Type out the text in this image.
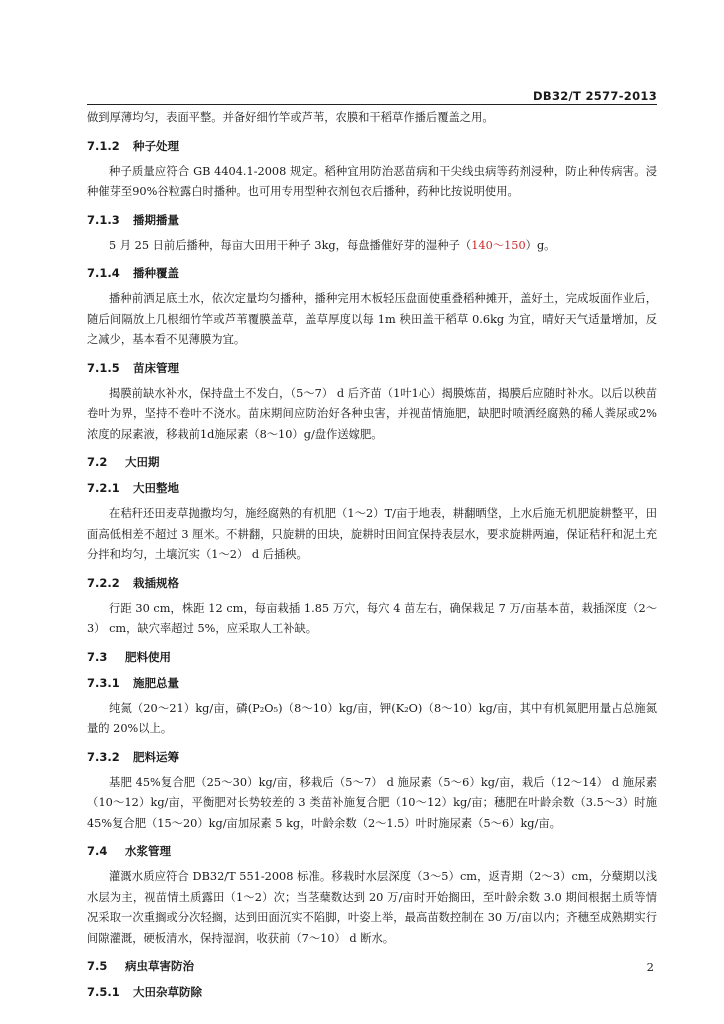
DB32/T 2577-2013

做到厚薄均匀，表面平整。并备好细竹竿或芦苇，农膜和干稻草作播后覆盖之用。

7.1.2 种子处理

种子质量应符合 GB 4404.1-2008 规定。稻种宜用防治恶苗病和干尖线虫病等药剂浸种，防止种传病害。浸种催芽至90%谷粒露白时播种。也可用专用型种衣剂包衣后播种，药种比按说明使用。

7.1.3 播期播量

5 月 25 日前后播种，每亩大田用干种子 3kg，每盘播催好芽的湿种子（140～150）g。

7.1.4 播种覆盖

播种前洒足底土水，依次定量均匀播种，播种完用木板轻压盘面使重叠稻种摊开，盖好土，完成坂面作业后，随后间隔放上几根细竹竿或芦苇覆膜盖草，盖草厚度以每 1m 秧田盖干稻草 0.6kg 为宜，晴好天气适量增加，反之减少，基本看不见薄膜为宜。

7.1.5 苗床管理

揭膜前缺水补水，保持盘土不发白，（5～7） d 后齐苗（1叶1心）揭膜炼苗，揭膜后应随时补水。以后以秧苗卷叶为界，坚持不卷叶不浇水。苗床期间应防治好各种虫害，并视苗情施肥，缺肥时喷洒经腐熟的稀人粪尿或2%浓度的尿素液，移栽前1d施尿素（8～10）g/盘作送嫁肥。

7.2 大田期
7.2.1 大田整地

在秸秆还田麦草抛撒均匀，施经腐熟的有机肥（1～2）T/亩于地表，耕翻晒垡，上水后施无机肥旋耕整平，田面高低相差不超过 3 厘米。不耕翻，只旋耕的田块，旋耕时田间宜保持表层水，要求旋耕两遍，保证秸秆和泥土充分拌和均匀，土壤沉实（1～2） d 后插秧。

7.2.2 栽插规格

行距 30 cm，株距 12 cm，每亩栽插 1.85 万穴，每穴 4 苗左右，确保栽足 7 万/亩基本苗，栽插深度（2～3） cm，缺穴率超过 5%，应采取人工补缺。

7.3 肥料使用
7.3.1 施肥总量

纯氮（20～21）kg/亩，磷(P₂O₅)（8～10）kg/亩，钾(K₂O)（8～10）kg/亩，其中有机氮肥用量占总施氮量的 20%以上。

7.3.2 肥料运筹

基肥 45%复合肥（25～30）kg/亩，移栽后（5～7） d 施尿素（5～6）kg/亩，栽后（12～14） d 施尿素（10～12）kg/亩，平衡肥对长势较差的 3 类苗补施复合肥（10～12）kg/亩；穗肥在叶龄余数（3.5～3）时施 45%复合肥（15～20）kg/亩加尿素 5 kg，叶龄余数（2～1.5）叶时施尿素（5～6）kg/亩。

7.4 水浆管理

灌溉水质应符合 DB32/T 551-2008 标准。移栽时水层深度（3～5）cm，返青期（2～3）cm，分蘖期以浅水层为主，视苗情土质露田（1～2）次；当茎蘖数达到 20 万/亩时开始搁田，至叶龄余数 3.0 期间根据土质等情况采取一次重搁或分次轻搁，达到田面沉实不陷脚，叶姿上举，最高苗数控制在 30 万/亩以内；齐穗至成熟期实行间隙灌溉，硬板清水，保持湿润，收获前（7～10） d 断水。

7.5 病虫草害防治
7.5.1 大田杂草防除
2
